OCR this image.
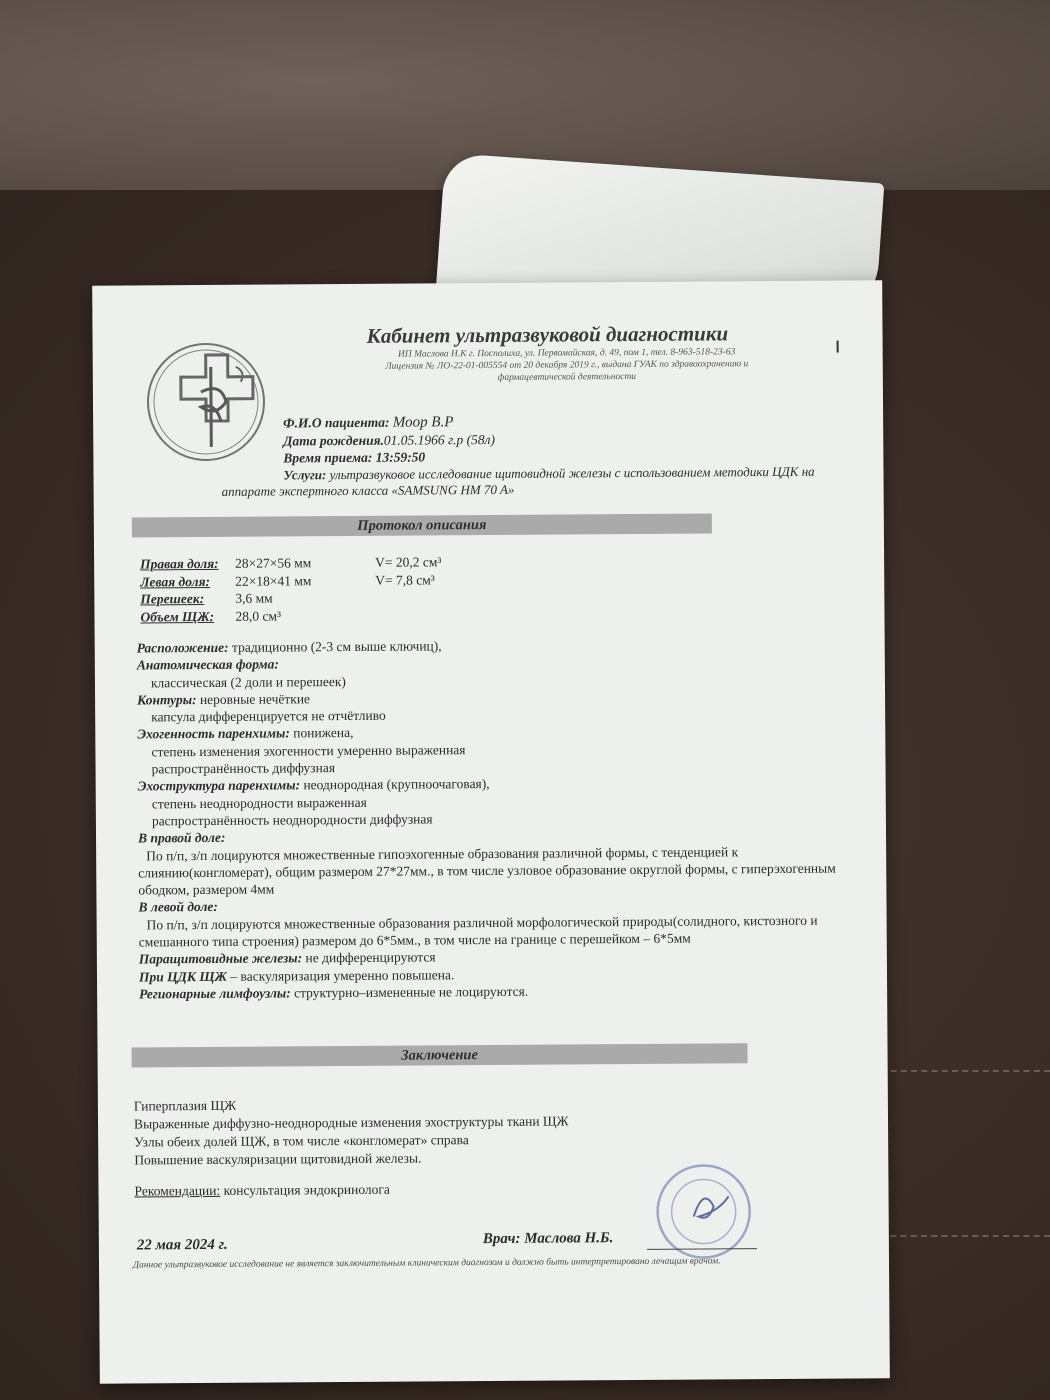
Кабинет ультразвуковой диагностики
ИП Маслова Н.К г. Посполиха, ул. Первомайская, д. 49, пом 1, тел. 8-963-518-23-63
Лицензия № ЛО-22-01-005554 от 20 декабря 2019 г., выдана ГУАК по здравоохранению и
фармацевтической деятельности
Ф.И.О пациента: Моор В.Р
Дата рождения.01.05.1966 г.р (58л)
Время приема: 13:59:50
Услуги: ультразвуковое исследование щитовидной железы с использованием методики ЦДК на аппарате экспертного класса «SAMSUNG HM 70 A»
Протокол описания
Правая доля:	28×27×56 мм	V= 20,2 см³
Левая доля:	22×18×41 мм	V= 7,8 см³
Перешеек:	3,6 мм
Объем ЩЖ:	28,0 см³
Расположение: традиционно (2-3 см выше ключиц),
Анатомическая форма:
классическая (2 доли и перешеек)
Контуры: неровные нечёткие
капсула дифференцируется не отчётливо
Эхогенность паренхимы: понижена,
степень изменения эхогенности умеренно выраженная
распространённость диффузная
Эхоструктура паренхимы: неоднородная (крупноочаговая),
степень неоднородности выраженная
распространённость неоднородности диффузная
В правой доле:
По п/п, з/п лоцируются множественные гипоэхогенные образования различной формы, с тенденцией к слиянию(конгломерат), общим размером 27*27мм., в том числе узловое образование округлой формы, с гиперэхогенным ободком, размером 4мм
В левой доле:
По п/п, з/п лоцируются множественные образования различной морфологической природы(солидного, кистозного и смешанного типа строения) размером до 6*5мм., в том числе на границе с перешейком – 6*5мм
Паращитовидные железы: не дифференцируются
При ЦДК ЩЖ – васкуляризация умеренно повышена.
Регионарные лимфоузлы: структурно–измененные не лоцируются.
Заключение
Гиперплазия ЩЖ
Выраженные диффузно-неоднородные изменения эхоструктуры ткани ЩЖ
Узлы обеих долей ЩЖ, в том числе «конгломерат» справа
Повышение васкуляризации щитовидной железы.
Рекомендации: консультация эндокринолога
22 мая 2024 г.	Врач: Маслова Н.Б.
Данное ультразвуковое исследование не является заключительным клиническим диагнозом и должно быть интерпретировано лечащим врачом.
